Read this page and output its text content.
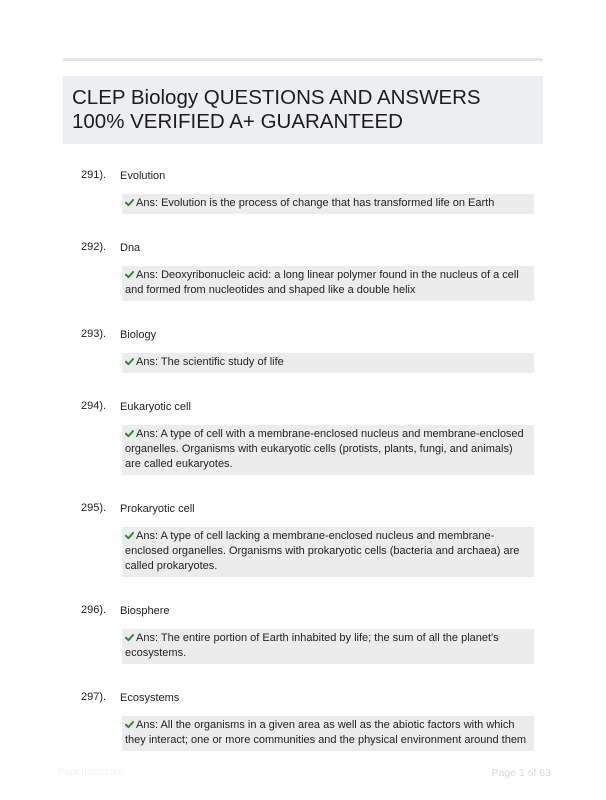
CLEP Biology QUESTIONS AND ANSWERS 100% VERIFIED A+ GUARANTEED
291). Evolution
Ans: Evolution is the process of change that has transformed life on Earth
292). Dna
Ans: Deoxyribonucleic acid: a long linear polymer found in the nucleus of a cell and formed from nucleotides and shaped like a double helix
293). Biology
Ans: The scientific study of life
294). Eukaryotic cell
Ans: A type of cell with a membrane-enclosed nucleus and membrane-enclosed organelles. Organisms with eukaryotic cells (protists, plants, fungi, and animals) are called eukaryotes.
295). Prokaryotic cell
Ans: A type of cell lacking a membrane-enclosed nucleus and membrane-enclosed organelles. Organisms with prokaryotic cells (bacteria and archaea) are called prokaryotes.
296). Biosphere
Ans: The entire portion of Earth inhabited by life; the sum of all the planet's ecosystems.
297). Ecosystems
Ans: All the organisms in a given area as well as the abiotic factors with which they interact; one or more communities and the physical environment around them
Paperlibic.com	Page 1 of 63
